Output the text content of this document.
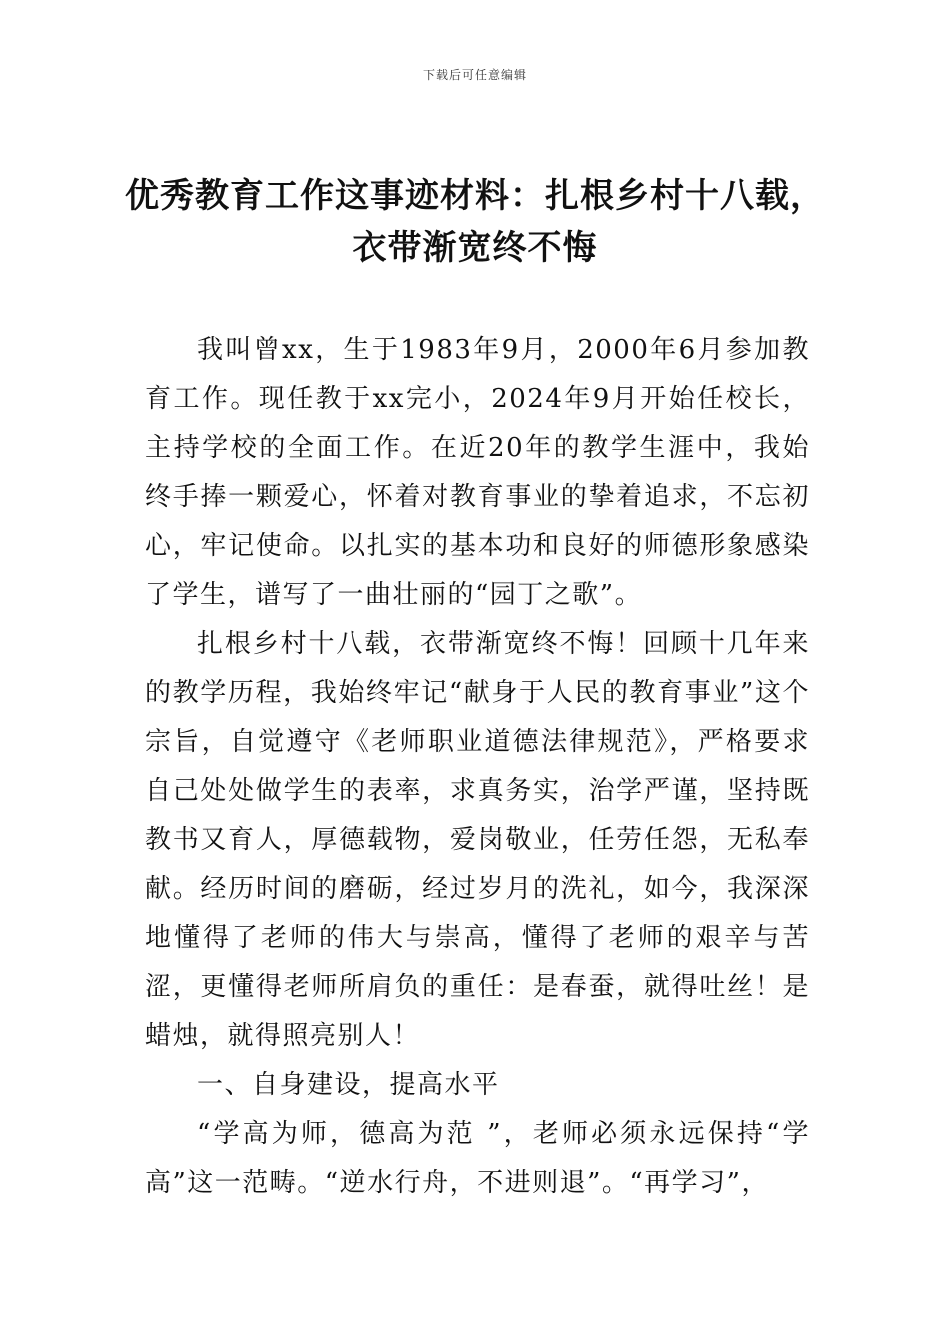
下载后可任意编辑
优秀教育工作这事迹材料：扎根乡村十八载，衣带渐宽终不悔

我叫曾xx，生于1983年9月，2000年6月参加教育工作。现任教于xx完小，2024年9月开始任校长，主持学校的全面工作。在近20年的教学生涯中，我始终手捧一颗爱心，怀着对教育事业的挚着追求，不忘初心，牢记使命。以扎实的基本功和良好的师德形象感染了学生，谱写了一曲壮丽的“园丁之歌”。

扎根乡村十八载，衣带渐宽终不悔！回顾十几年来的教学历程，我始终牢记“献身于人民的教育事业”这个宗旨，自觉遵守《老师职业道德法律规范》，严格要求自己处处做学生的表率，求真务实，治学严谨，坚持既教书又育人，厚德载物，爱岗敬业，任劳任怨，无私奉献。经历时间的磨砺，经过岁月的洗礼，如今，我深深地懂得了老师的伟大与崇高，懂得了老师的艰辛与苦涩，更懂得老师所肩负的重任：是春蚕，就得吐丝！是蜡烛，就得照亮别人！

一、自身建设，提高水平

“学高为师，德高为范 ”，老师必须永远保持“学高”这一范畴。“逆水行舟，不进则退”。“再学习”，
